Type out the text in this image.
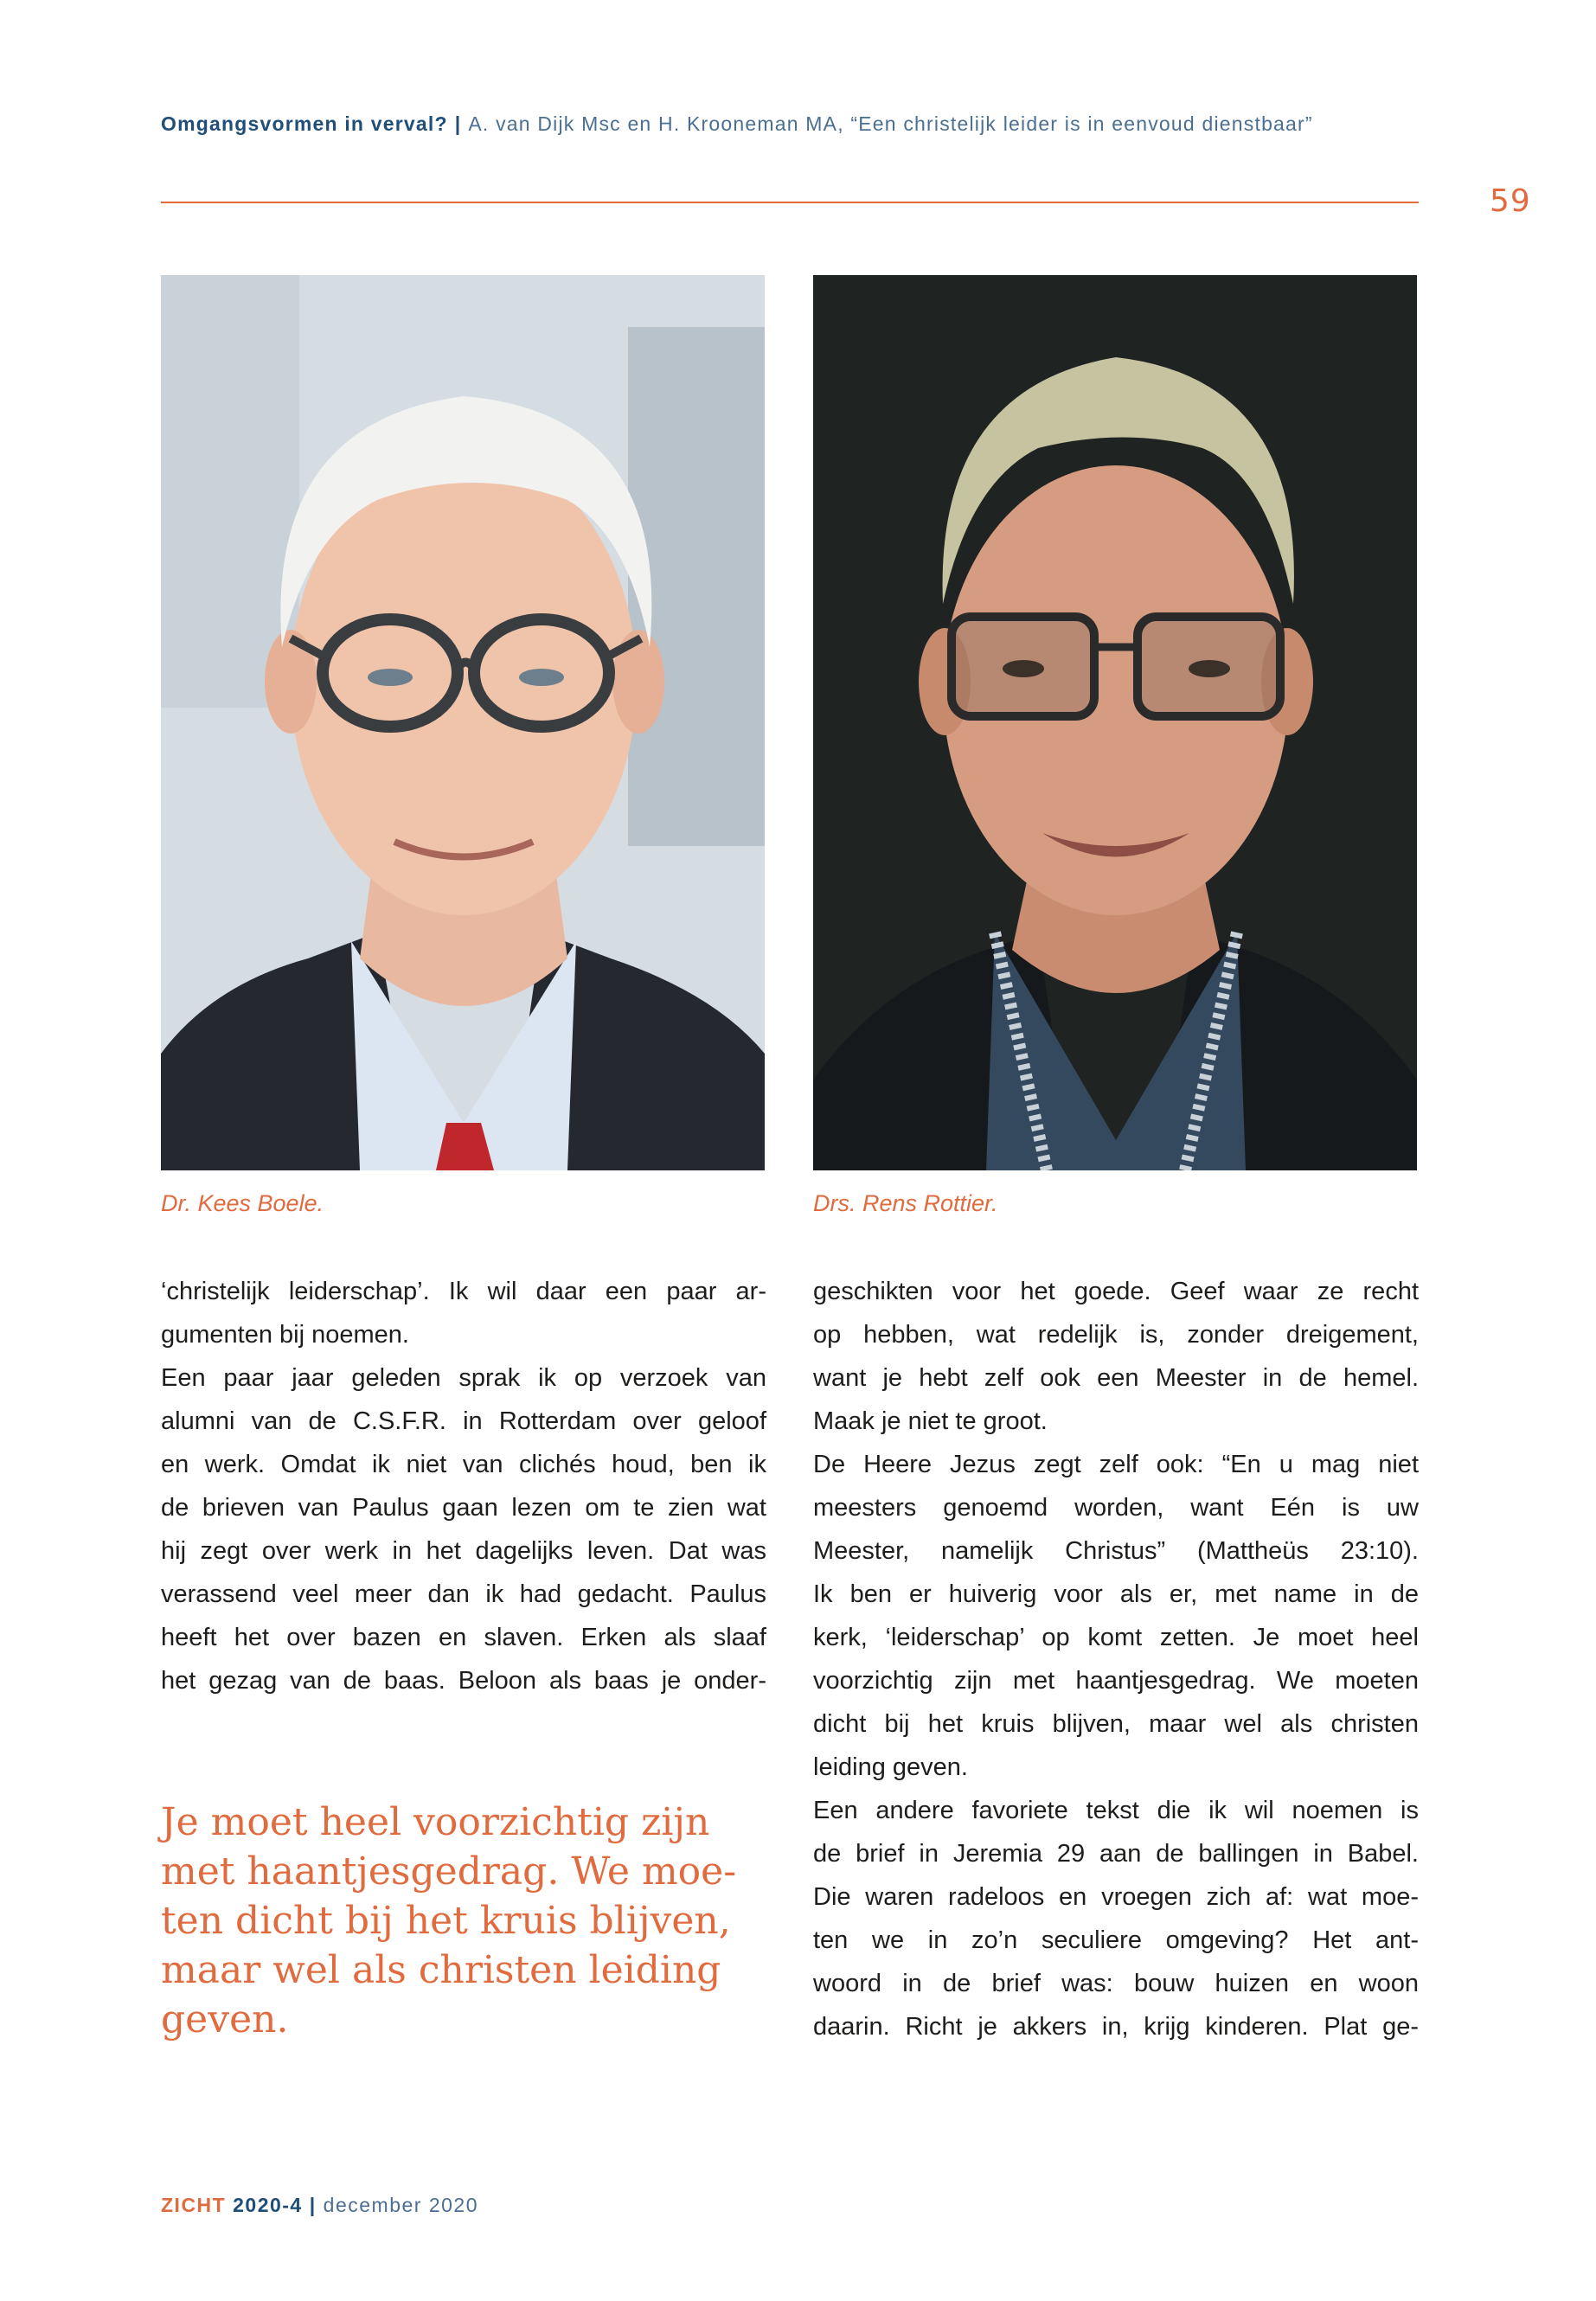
Omgangsvormen in verval? | A. van Dijk Msc en H. Krooneman MA, “Een christelijk leider is in eenvoud dienstbaar”
59
Dr. Kees Boele.	Drs. Rens Rottier.
‘christelijk leiderschap’. Ik wil daar een paar ar-
gumenten bij noemen.
Een paar jaar geleden sprak ik op verzoek van
alumni van de C.S.F.R. in Rotterdam over geloof
en werk. Omdat ik niet van clichés houd, ben ik
de brieven van Paulus gaan lezen om te zien wat
hij zegt over werk in het dagelijks leven. Dat was
verassend veel meer dan ik had gedacht. Paulus
heeft het over bazen en slaven. Erken als slaaf
het gezag van de baas. Beloon als baas je onder-
geschikten voor het goede. Geef waar ze recht
op hebben, wat redelijk is, zonder dreigement,
want je hebt zelf ook een Meester in de hemel.
Maak je niet te groot.
De Heere Jezus zegt zelf ook: “En u mag niet
meesters genoemd worden, want Eén is uw
Meester, namelijk Christus” (Mattheüs 23:10).
Ik ben er huiverig voor als er, met name in de
kerk, ‘leiderschap’ op komt zetten. Je moet heel
voorzichtig zijn met haantjesgedrag. We moeten
dicht bij het kruis blijven, maar wel als christen
leiding geven.
Een andere favoriete tekst die ik wil noemen is
de brief in Jeremia 29 aan de ballingen in Babel.
Die waren radeloos en vroegen zich af: wat moe-
ten we in zo’n seculiere omgeving? Het ant-
woord in de brief was: bouw huizen en woon
daarin. Richt je akkers in, krijg kinderen. Plat ge-
Je moet heel voorzichtig zijn
met haantjesgedrag. We moe-
ten dicht bij het kruis blijven,
maar wel als christen leiding
geven.
ZICHT 2020-4 | december 2020
